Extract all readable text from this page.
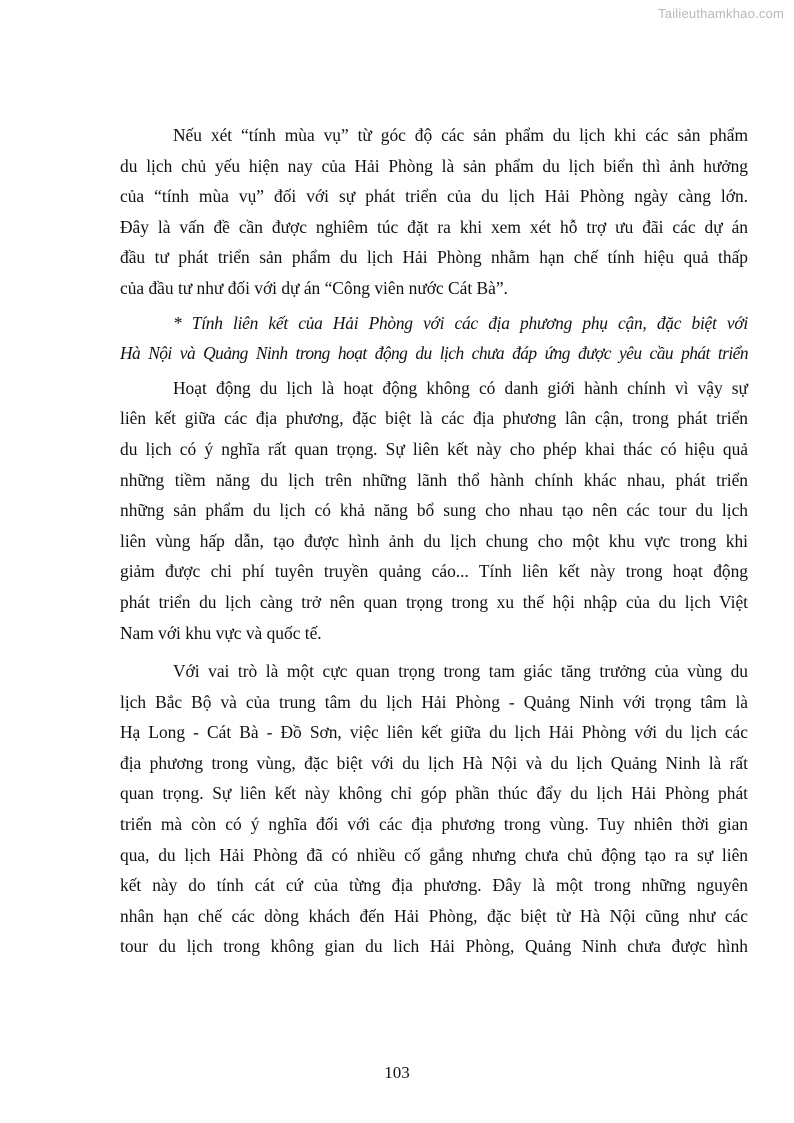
Tailieuthamkhao.com
Nếu xét “tính mùa vụ” từ góc độ các sản phẩm du lịch khi các sản phẩm
du lịch chủ yếu hiện nay của Hải Phòng là sản phẩm du lịch biển thì ảnh hưởng
của “tính mùa vụ” đối với sự phát triển của du lịch Hải Phòng ngày càng lớn.
Đây là vấn đề cần được nghiêm túc đặt ra khi xem xét hỗ trợ ưu đãi các dự án
đầu tư phát triển sản phẩm du lịch Hải Phòng nhằm hạn chế tính hiệu quả thấp
của đầu tư như đối với dự án “Công viên nước Cát Bà”.
* Tính liên kết của Hải Phòng với các địa phương phụ cận, đặc biệt với
Hà Nội và Quảng Ninh trong hoạt động du lịch chưa đáp ứng được yêu cầu phát triển
Hoạt động du lịch là hoạt động không có danh giới hành chính vì vậy sự
liên kết giữa các địa phương, đặc biệt là các địa phương lân cận, trong phát triển
du lịch có ý nghĩa rất quan trọng. Sự liên kết này cho phép khai thác có hiệu quả
những tiềm năng du lịch trên những lãnh thổ hành chính khác nhau, phát triển
những sản phẩm du lịch có khả năng bổ sung cho nhau tạo nên các tour du lịch
liên vùng hấp dẫn, tạo được hình ảnh du lịch chung cho một khu vực trong khi
giảm được chi phí tuyên truyền quảng cáo... Tính liên kết này trong hoạt động
phát triển du lịch càng trở nên quan trọng trong xu thế hội nhập của du lịch Việt
Nam với khu vực và quốc tế.
Với vai trò là một cực quan trọng trong tam giác tăng trưởng của vùng du
lịch Bắc Bộ và của trung tâm du lịch Hải Phòng - Quảng Ninh với trọng tâm là
Hạ Long - Cát Bà - Đồ Sơn, việc liên kết giữa du lịch Hải Phòng với du lịch các
địa phương trong vùng, đặc biệt với du lịch Hà Nội và du lịch Quảng Ninh là rất
quan trọng. Sự liên kết này không chỉ góp phần thúc đẩy du lịch Hải Phòng phát
triển mà còn có ý nghĩa đối với các địa phương trong vùng. Tuy nhiên thời gian
qua, du lịch Hải Phòng đã có nhiều cố gắng nhưng chưa chủ động tạo ra sự liên
kết này do tính cát cứ của từng địa phương. Đây là một trong những nguyên
nhân hạn chế các dòng khách đến Hải Phòng, đặc biệt từ Hà Nội cũng như các
tour du lịch trong không gian du lich Hải Phòng, Quảng Ninh chưa được hình
103
